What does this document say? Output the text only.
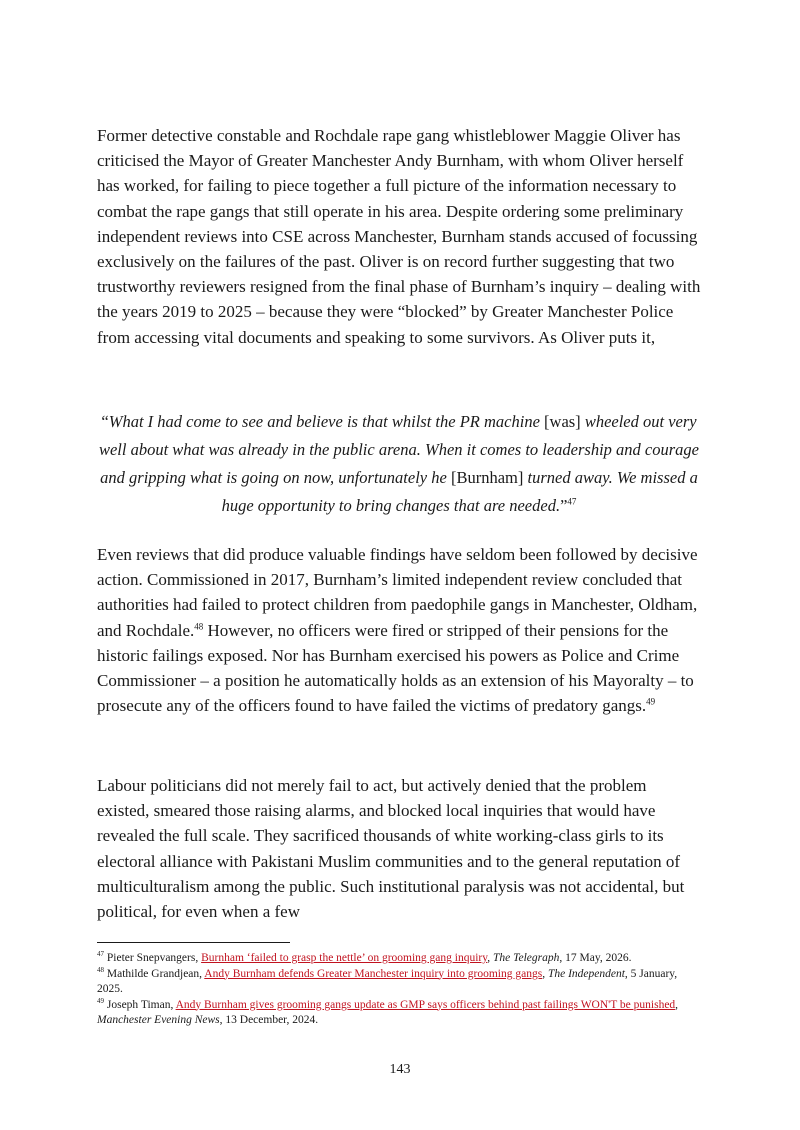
Former detective constable and Rochdale rape gang whistleblower Maggie Oliver has criticised the Mayor of Greater Manchester Andy Burnham, with whom Oliver herself has worked, for failing to piece together a full picture of the information necessary to combat the rape gangs that still operate in his area. Despite ordering some preliminary independent reviews into CSE across Manchester, Burnham stands accused of focussing exclusively on the failures of the past. Oliver is on record further suggesting that two trustworthy reviewers resigned from the final phase of Burnham’s inquiry – dealing with the years 2019 to 2025 – because they were “blocked” by Greater Manchester Police from accessing vital documents and speaking to some survivors. As Oliver puts it,

“What I had come to see and believe is that whilst the PR machine [was] wheeled out very well about what was already in the public arena. When it comes to leadership and courage and gripping what is going on now, unfortunately he [Burnham] turned away. We missed a huge opportunity to bring changes that are needed.”$^{47}$

Even reviews that did produce valuable findings have seldom been followed by decisive action. Commissioned in 2017, Burnham’s limited independent review concluded that authorities had failed to protect children from paedophile gangs in Manchester, Oldham, and Rochdale.$^{48}$ However, no officers were fired or stripped of their pensions for the historic failings exposed. Nor has Burnham exercised his powers as Police and Crime Commissioner – a position he automatically holds as an extension of his Mayoralty – to prosecute any of the officers found to have failed the victims of predatory gangs.$^{49}$

Labour politicians did not merely fail to act, but actively denied that the problem existed, smeared those raising alarms, and blocked local inquiries that would have revealed the full scale. They sacrificed thousands of white working-class girls to its electoral alliance with Pakistani Muslim communities and to the general reputation of multiculturalism among the public. Such institutional paralysis was not accidental, but political, for even when a few

$^{47}$ Pieter Snepvangers, Burnham ‘failed to grasp the nettle’ on grooming gang inquiry, The Telegraph, 17 May, 2026.

$^{48}$ Mathilde Grandjean, Andy Burnham defends Greater Manchester inquiry into grooming gangs, The Independent, 5 January, 2025.

$^{49}$ Joseph Timan, Andy Burnham gives grooming gangs update as GMP says officers behind past failings WON'T be punished, Manchester Evening News, 13 December, 2024.

143
